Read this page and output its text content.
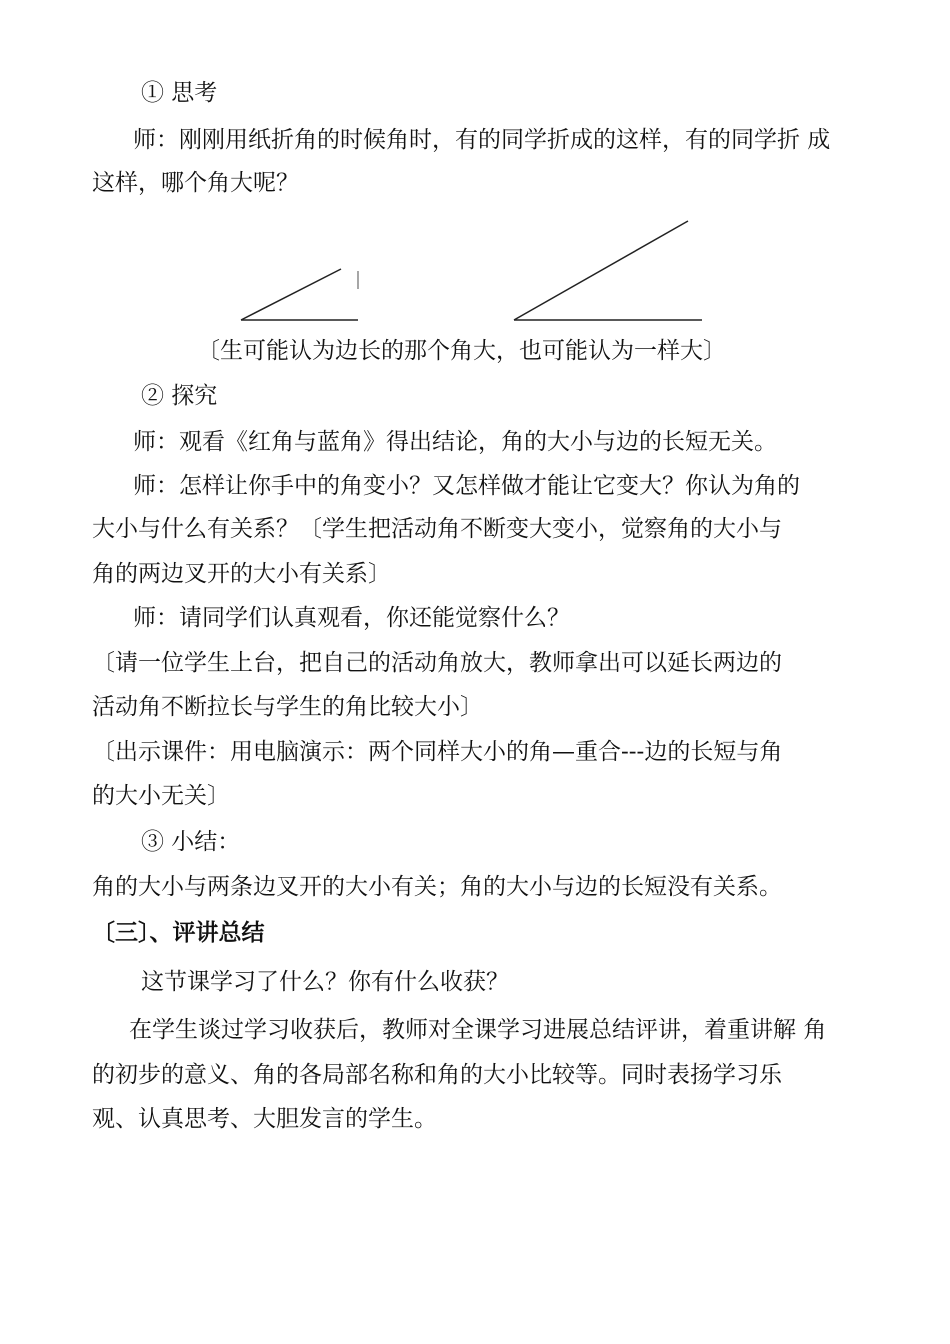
① 思考
师：刚刚用纸折角的时候角时，有的同学折成的这样，有的同学折 成
这样，哪个角大呢？
〔生可能认为边长的那个角大，也可能认为一样大〕
② 探究
师：观看《红角与蓝角》得出结论，角的大小与边的长短无关。
师：怎样让你手中的角变小？又怎样做才能让它变大？你认为角的
大小与什么有关系？〔学生把活动角不断变大变小，觉察角的大小与
角的两边叉开的大小有关系〕
师：请同学们认真观看，你还能觉察什么？
〔请一位学生上台，把自己的活动角放大，教师拿出可以延长两边的
活动角不断拉长与学生的角比较大小〕
〔出示课件：用电脑演示：两个同样大小的角—重合---边的长短与角
的大小无关〕
③ 小结：
角的大小与两条边叉开的大小有关；角的大小与边的长短没有关系。
〔三〕、评讲总结
这节课学习了什么？你有什么收获？
在学生谈过学习收获后，教师对全课学习进展总结评讲，着重讲解 角
的初步的意义、角的各局部名称和角的大小比较等。同时表扬学习乐
观、认真思考、大胆发言的学生。
